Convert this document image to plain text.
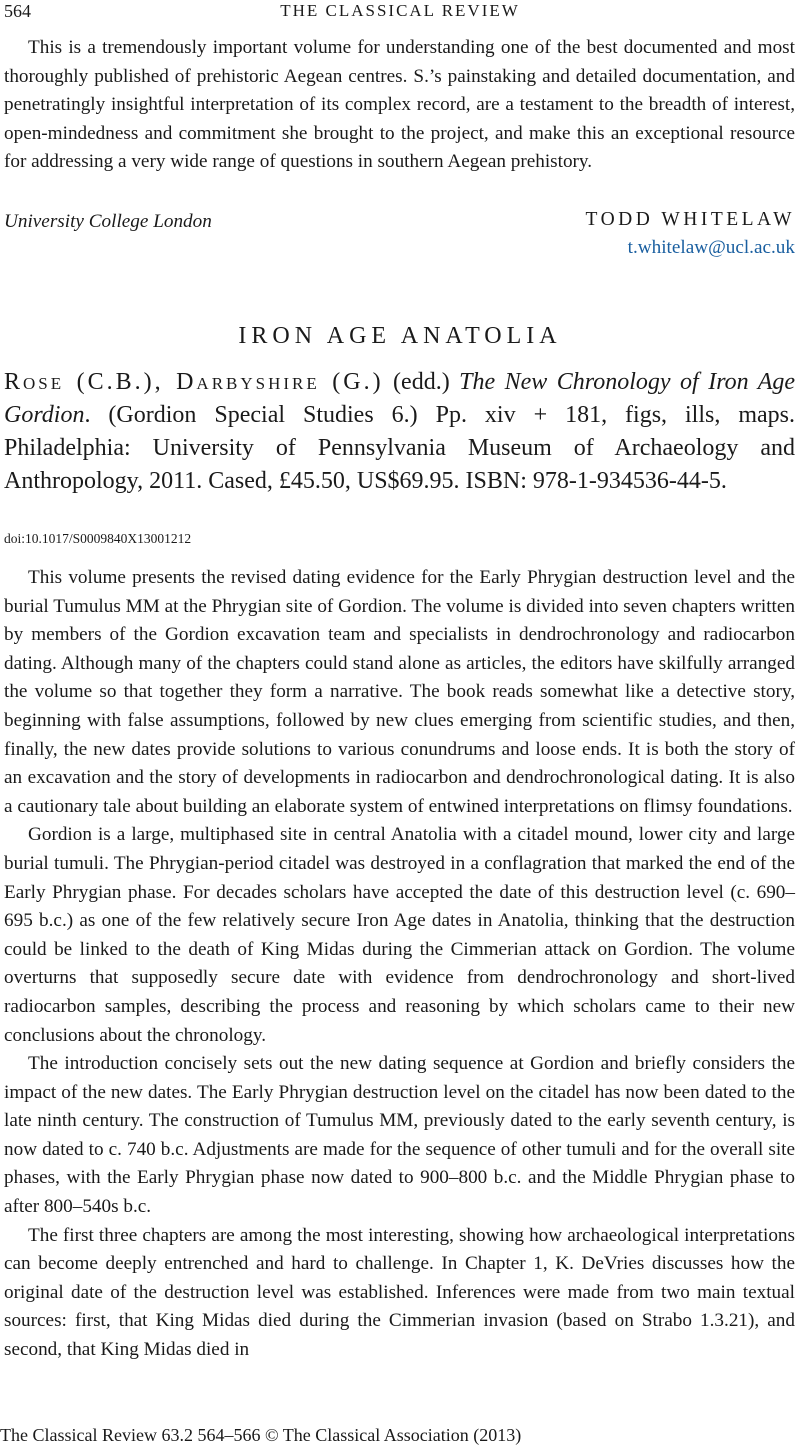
564	THE CLASSICAL REVIEW

This is a tremendously important volume for understanding one of the best documented and most thoroughly published of prehistoric Aegean centres. S.’s painstaking and detailed documentation, and penetratingly insightful interpretation of its complex record, are a testament to the breadth of interest, open-mindedness and commitment she brought to the project, and make this an exceptional resource for addressing a very wide range of questions in southern Aegean prehistory.

University College London	TODD WHITELAW
t.whitelaw@ucl.ac.uk
IRON AGE ANATOLIA
Rose (C.B.), Darbyshire (G.) (edd.) The New Chronology of Iron Age Gordion. (Gordion Special Studies 6.) Pp. xiv + 181, figs, ills, maps. Philadelphia: University of Pennsylvania Museum of Archaeology and Anthropology, 2011. Cased, £45.50, US$69.95. ISBN: 978-1-934536-44-5.
doi:10.1017/S0009840X13001212

This volume presents the revised dating evidence for the Early Phrygian destruction level and the burial Tumulus MM at the Phrygian site of Gordion. The volume is divided into seven chapters written by members of the Gordion excavation team and specialists in dendrochronology and radiocarbon dating. Although many of the chapters could stand alone as articles, the editors have skilfully arranged the volume so that together they form a narrative. The book reads somewhat like a detective story, beginning with false assumptions, followed by new clues emerging from scientific studies, and then, finally, the new dates provide solutions to various conundrums and loose ends. It is both the story of an excavation and the story of developments in radiocarbon and dendrochronological dating. It is also a cautionary tale about building an elaborate system of entwined interpretations on flimsy foundations.

Gordion is a large, multiphased site in central Anatolia with a citadel mound, lower city and large burial tumuli. The Phrygian-period citadel was destroyed in a conflagration that marked the end of the Early Phrygian phase. For decades scholars have accepted the date of this destruction level (c. 690–695 b.c.) as one of the few relatively secure Iron Age dates in Anatolia, thinking that the destruction could be linked to the death of King Midas during the Cimmerian attack on Gordion. The volume overturns that supposedly secure date with evidence from dendrochronology and short-lived radiocarbon samples, describing the process and reasoning by which scholars came to their new conclusions about the chronology.

The introduction concisely sets out the new dating sequence at Gordion and briefly considers the impact of the new dates. The Early Phrygian destruction level on the citadel has now been dated to the late ninth century. The construction of Tumulus MM, previously dated to the early seventh century, is now dated to c. 740 b.c. Adjustments are made for the sequence of other tumuli and for the overall site phases, with the Early Phrygian phase now dated to 900–800 b.c. and the Middle Phrygian phase to after 800–540s b.c.

The first three chapters are among the most interesting, showing how archaeological interpretations can become deeply entrenched and hard to challenge. In Chapter 1, K. DeVries discusses how the original date of the destruction level was established. Inferences were made from two main textual sources: first, that King Midas died during the Cimmerian invasion (based on Strabo 1.3.21), and second, that King Midas died in

The Classical Review 63.2 564–566 © The Classical Association (2013)
